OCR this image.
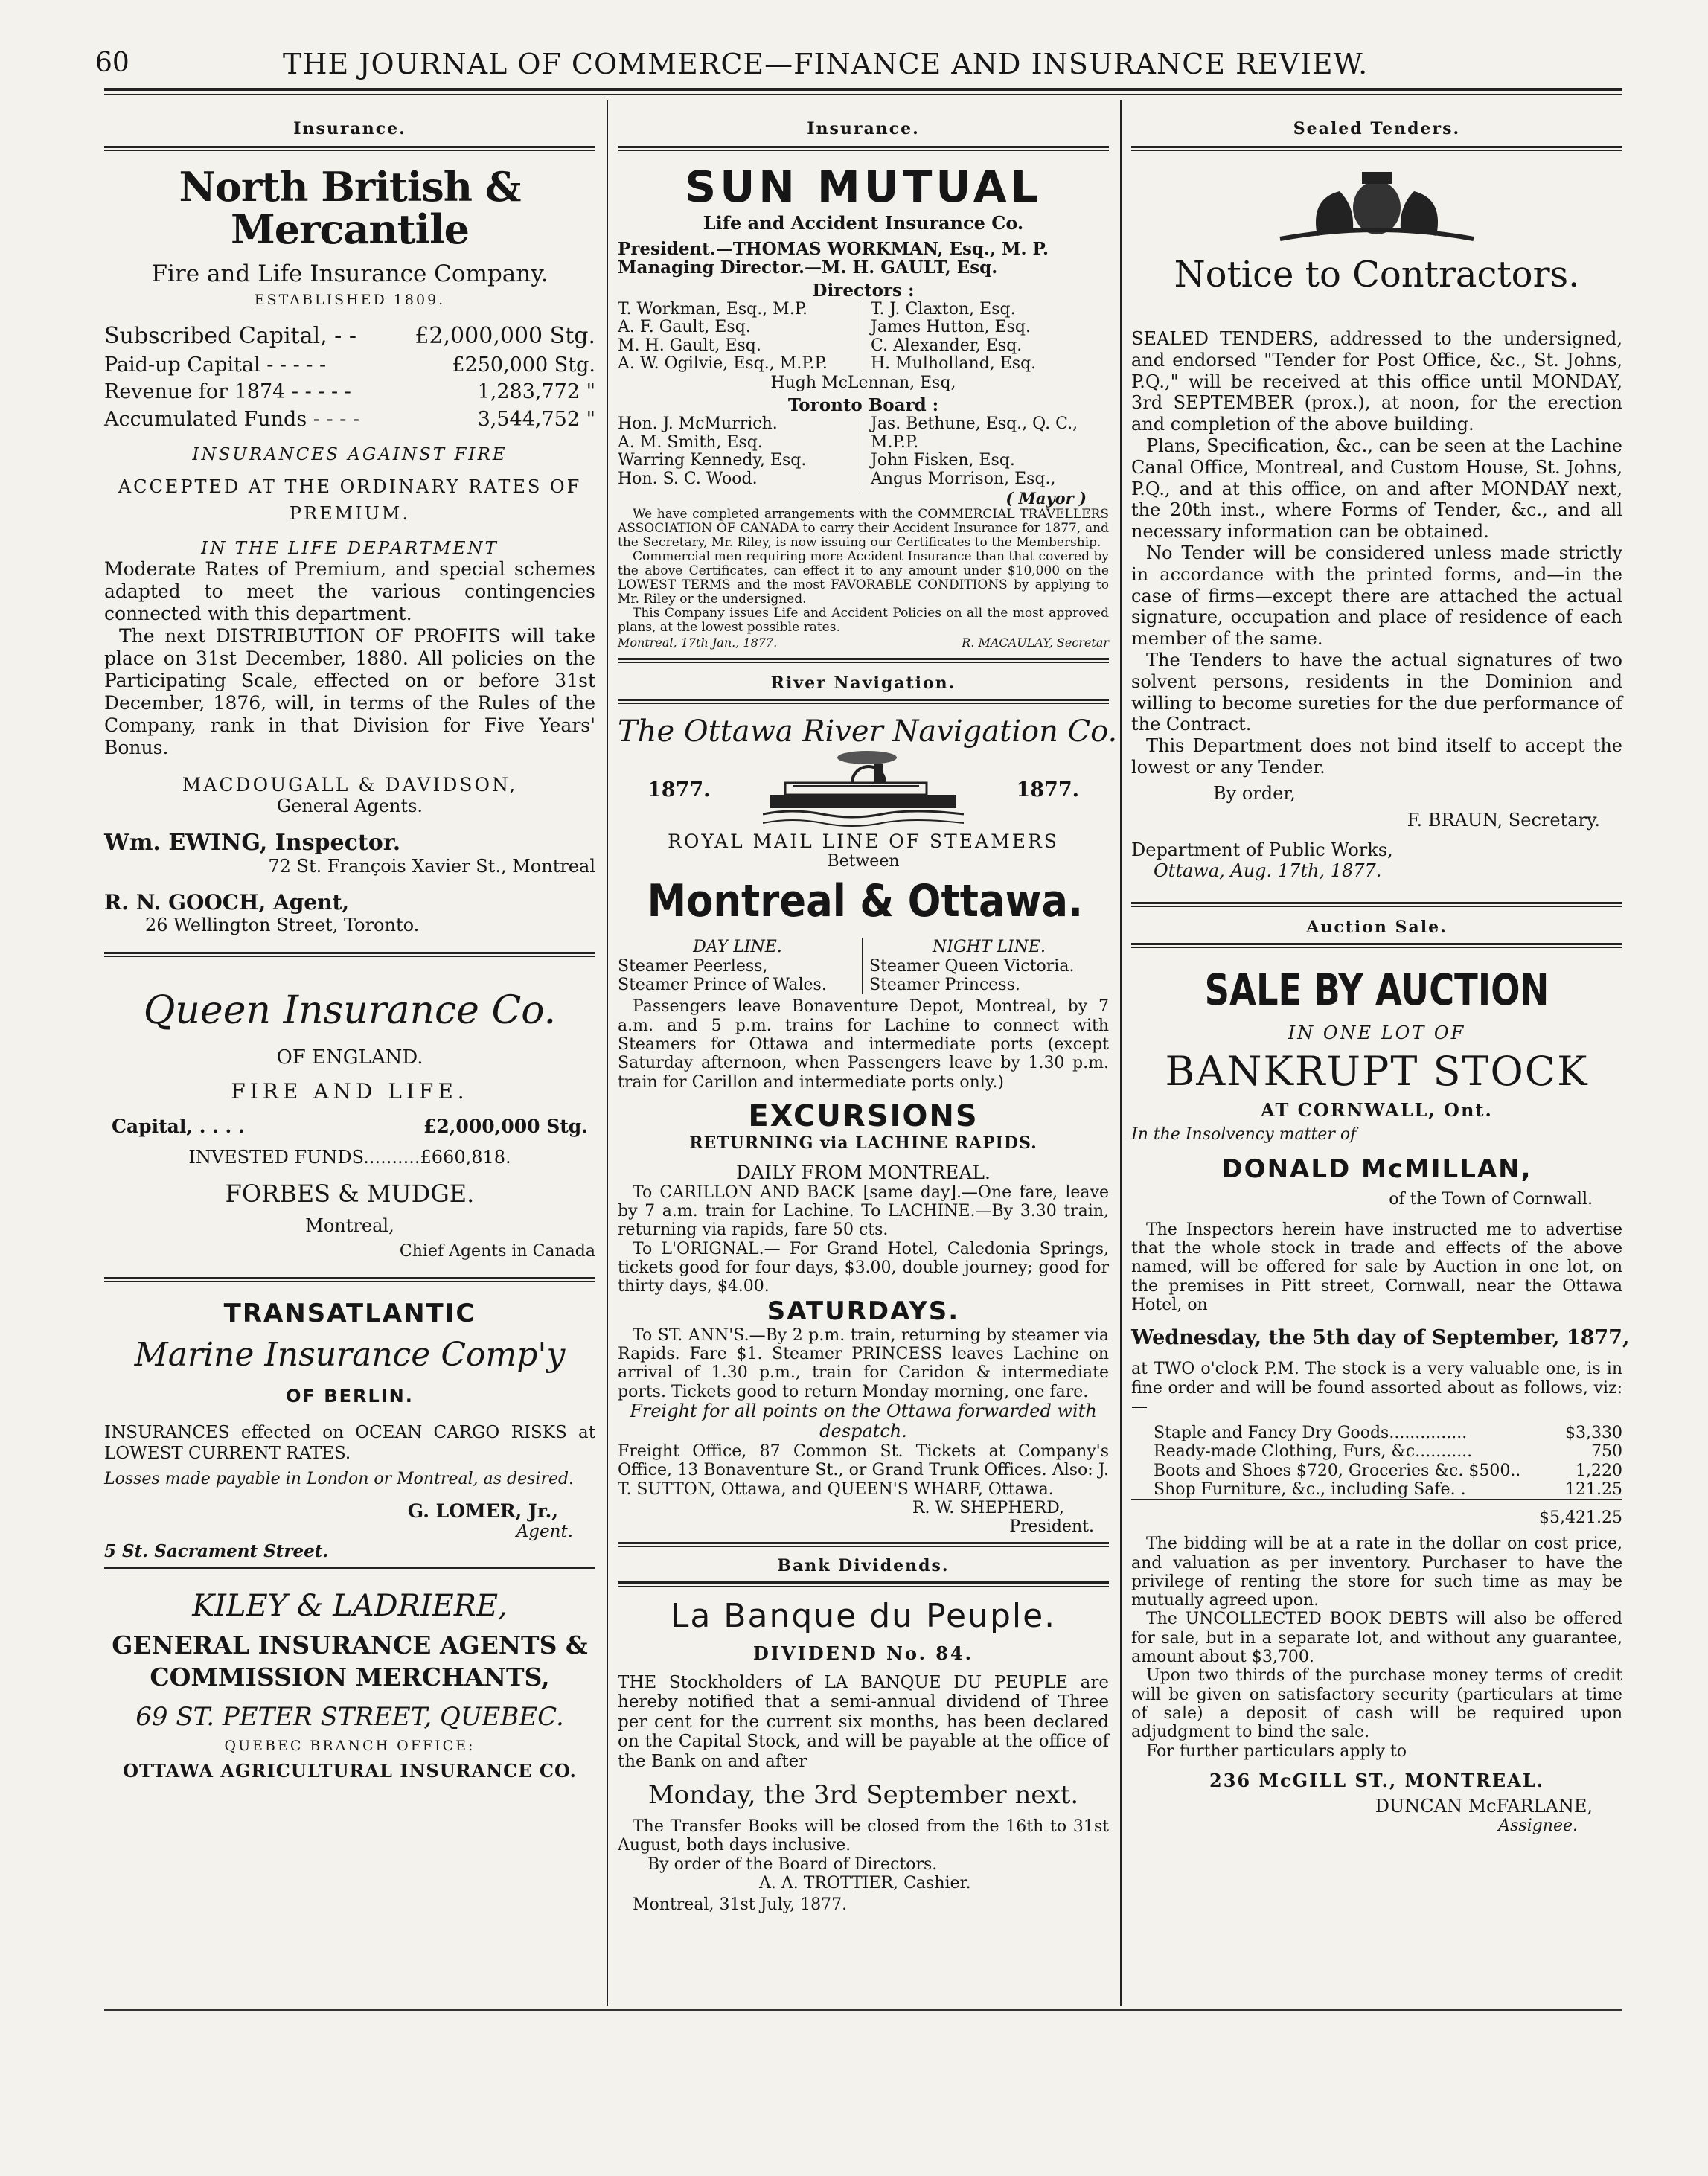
60	THE JOURNAL OF COMMERCE—FINANCE AND INSURANCE REVIEW.
Insurance.
North British & Mercantile
Fire and Life Insurance Company.
ESTABLISHED 1809.
Subscribed Capital, - -	£2,000,000 Stg.
Paid-up Capital - - - - -	£250,000 Stg.
Revenue for 1874 - - - - -	1,283,772 "
Accumulated Funds - - - -	3,544,752 "
INSURANCES AGAINST FIRE
ACCEPTED AT THE ORDINARY RATES OF PREMIUM.
IN THE LIFE DEPARTMENT
Moderate Rates of Premium, and special schemes adapted to meet the various contingencies connected with this department.
The next DISTRIBUTION OF PROFITS will take place on 31st December, 1880. All policies on the Participating Scale, effected on or before 31st December, 1876, will, in terms of the Rules of the Company, rank in that Division for Five Years' Bonus.
MACDOUGALL & DAVIDSON,
General Agents.
Wm. EWING, Inspector.
72 St. François Xavier St., Montreal
R. N. GOOCH, Agent,
26 Wellington Street, Toronto.
Queen Insurance Co.
OF ENGLAND.
FIRE AND LIFE.
Capital, . . . .	£2,000,000 Stg.
INVESTED FUNDS..........£660,818.
FORBES & MUDGE.
Montreal,
Chief Agents in Canada
TRANSATLANTIC
Marine Insurance Comp'y
OF BERLIN.
INSURANCES effected on OCEAN CARGO RISKS at LOWEST CURRENT RATES.
Losses made payable in London or Montreal, as desired.
G. LOMER, Jr.,
Agent.
5 St. Sacrament Street.
KILEY & LADRIERE,
GENERAL INSURANCE AGENTS &
COMMISSION MERCHANTS,
69 ST. PETER STREET, QUEBEC.
QUEBEC BRANCH OFFICE:
OTTAWA AGRICULTURAL INSURANCE CO.
Insurance.
SUN MUTUAL
Life and Accident Insurance Co.
President.—THOMAS WORKMAN, Esq., M. P.
Managing Director.—M. H. GAULT, Esq.
Directors :
T. Workman, Esq., M.P.	T. J. Claxton, Esq.
A. F. Gault, Esq.	James Hutton, Esq.
M. H. Gault, Esq.	C. Alexander, Esq.
A. W. Ogilvie, Esq., M.P.P.	H. Mulholland, Esq.
Hugh McLennan, Esq,
Toronto Board :
Hon. J. McMurrich.	Jas. Bethune, Esq., Q. C.,
A. M. Smith, Esq.	M.P.P.
Warring Kennedy, Esq.	John Fisken, Esq.
Hon. S. C. Wood.	Angus Morrison, Esq.,
( Mayor )
We have completed arrangements with the COMMERCIAL TRAVELLERS ASSOCIATION OF CANADA to carry their Accident Insurance for 1877, and the Secretary, Mr. Riley, is now issuing our Certificates to the Membership.
Commercial men requiring more Accident Insurance than that covered by the above Certificates, can effect it to any amount under $10,000 on the LOWEST TERMS and the most FAVORABLE CONDITIONS by applying to Mr. Riley or the undersigned.
This Company issues Life and Accident Policies on all the most approved plans, at the lowest possible rates.
Montreal, 17th Jan., 1877.	R. MACAULAY, Secretar
River Navigation.
The Ottawa River Navigation Co.
1877.	1877.
ROYAL MAIL LINE OF STEAMERS
Between
Montreal & Ottawa.
DAY LINE.
Steamer Peerless,
Steamer Prince of Wales.
NIGHT LINE.
Steamer Queen Victoria.
Steamer Princess.
Passengers leave Bonaventure Depot, Montreal, by 7 a.m. and 5 p.m. trains for Lachine to connect with Steamers for Ottawa and intermediate ports (except Saturday afternoon, when Passengers leave by 1.30 p.m. train for Carillon and intermediate ports only.)
EXCURSIONS
RETURNING via LACHINE RAPIDS.
DAILY FROM MONTREAL.
To CARILLON AND BACK [same day].—One fare, leave by 7 a.m. train for Lachine. To LACHINE.—By 3.30 train, returning via rapids, fare 50 cts.
To L'ORIGNAL.— For Grand Hotel, Caledonia Springs, tickets good for four days, $3.00, double journey; good for thirty days, $4.00.
SATURDAYS.
To ST. ANN'S.—By 2 p.m. train, returning by steamer via Rapids. Fare $1. Steamer PRINCESS leaves Lachine on arrival of 1.30 p.m., train for Caridon & intermediate ports. Tickets good to return Monday morning, one fare.
Freight for all points on the Ottawa forwarded with despatch.
Freight Office, 87 Common St. Tickets at Company's Office, 13 Bonaventure St., or Grand Trunk Offices. Also: J. T. SUTTON, Ottawa, and QUEEN'S WHARF, Ottawa.
R. W. SHEPHERD,
President.
Bank Dividends.
La Banque du Peuple.
DIVIDEND No. 84.
THE Stockholders of LA BANQUE DU PEUPLE are hereby notified that a semi-annual dividend of Three per cent for the current six months, has been declared on the Capital Stock, and will be payable at the office of the Bank on and after
Monday, the 3rd September next.
The Transfer Books will be closed from the 16th to 31st August, both days inclusive.
By order of the Board of Directors.
A. A. TROTTIER, Cashier.
Montreal, 31st July, 1877.
Sealed Tenders.
Notice to Contractors.
SEALED TENDERS, addressed to the undersigned, and endorsed "Tender for Post Office, &c., St. Johns, P.Q.," will be received at this office until MONDAY, 3rd SEPTEMBER (prox.), at noon, for the erection and completion of the above building.
Plans, Specification, &c., can be seen at the Lachine Canal Office, Montreal, and Custom House, St. Johns, P.Q., and at this office, on and after MONDAY next, the 20th inst., where Forms of Tender, &c., and all necessary information can be obtained.
No Tender will be considered unless made strictly in accordance with the printed forms, and—in the case of firms—except there are attached the actual signature, occupation and place of residence of each member of the same.
The Tenders to have the actual signatures of two solvent persons, residents in the Dominion and willing to become sureties for the due performance of the Contract.
This Department does not bind itself to accept the lowest or any Tender.
By order,
F. BRAUN, Secretary.
Department of Public Works,
Ottawa, Aug. 17th, 1877.
Auction Sale.
SALE BY AUCTION
IN ONE LOT OF
BANKRUPT STOCK
AT CORNWALL, Ont.
In the Insolvency matter of
DONALD McMILLAN,
of the Town of Cornwall.
The Inspectors herein have instructed me to advertise that the whole stock in trade and effects of the above named, will be offered for sale by Auction in one lot, on the premises in Pitt street, Cornwall, near the Ottawa Hotel, on
Wednesday, the 5th day of September, 1877,
at TWO o'clock P.M. The stock is a very valuable one, is in fine order and will be found assorted about as follows, viz:—
Staple and Fancy Dry Goods...............	$3,330
Ready-made Clothing, Furs, &c...........	750
Boots and Shoes $720, Groceries &c. $500..	1,220
Shop Furniture, &c., including Safe. .	121.25
$5,421.25
The bidding will be at a rate in the dollar on cost price, and valuation as per inventory. Purchaser to have the privilege of renting the store for such time as may be mutually agreed upon.
The UNCOLLECTED BOOK DEBTS will also be offered for sale, but in a separate lot, and without any guarantee, amount about $3,700.
Upon two thirds of the purchase money terms of credit will be given on satisfactory security (particulars at time of sale) a deposit of cash will be required upon adjudgment to bind the sale.
For further particulars apply to
236 McGILL ST., MONTREAL.
DUNCAN McFARLANE,
Assignee.
